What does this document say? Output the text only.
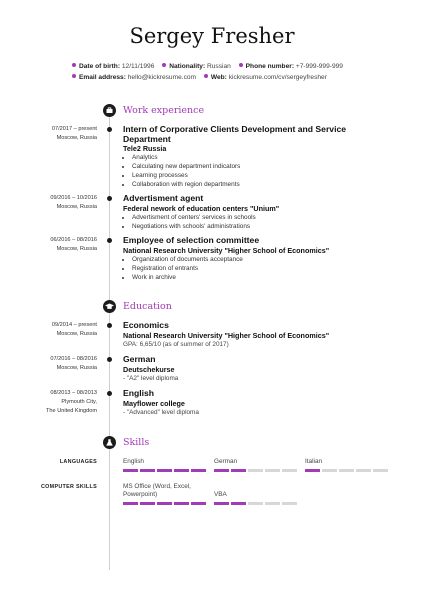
Sergey Fresher
Date of birth: 12/11/1996 Nationality: Russian Phone number: +7-999-999-999
Email address: hello@kickresume.com Web: kickresume.com/cv/sergeyfresher
Work experience
07/2017 – present
Moscow, Russia
Intern of Corporative Clients Development and Service Department
Tele2 Russia
• Analytics
• Calculating new department indicators
• Learning processes
• Collaboration with region departments
09/2016 – 10/2016
Moscow, Russia
Advertisment agent
Federal nework of education centers "Unium"
• Advertisment of centers' services in schools
• Negotiations with schools' administrations
06/2016 – 08/2016
Moscow, Russia
Employee of selection committee
National Research University "Higher School of Economics"
• Organization of documents acceptance
• Registration of entrants
• Work in archive
Education
09/2014 – present
Moscow, Russia
Economics
National Research University "Higher School of Economics"
GPA: 6,65/10 (as of summer of 2017)
07/2016 – 08/2016
Moscow, Russia
German
Deutschekurse
- "A2" level diploma
08/2013 – 08/2013
Plymouth City,
The United Kingdom
English
Mayflower college
- "Advanced" level diploma
Skills
LANGUAGES	English	German	Italian
COMPUTER SKILLS	MS Office (Word, Excel, Powerpoint)	VBA
